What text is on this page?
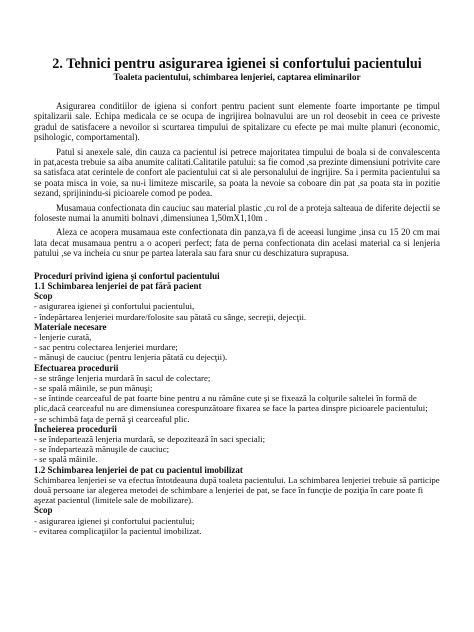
2. Tehnici pentru asigurarea igienei si confortului pacientului
Toaleta pacientului, schimbarea lenjeriei, captarea eliminarilor

Asigurarea conditiilor de igiena si confort pentru pacient sunt elemente foarte importante pe timpul spitalizarii sale. Echipa medicala ce se ocupa de ingrijirea bolnavului are un rol deosebit in ceea ce priveste gradul de satisfacere a nevoilor si scurtarea timpului de spitalizare cu efecte pe mai multe planuri (economic, psihologic, comportamental).

Patul si anexele sale, din cauza ca pacientul isi petrece majoritatea timpului de boala si de convalescenta in pat,acesta trebuie sa aiba anumite calitati.Calitatile patului: sa fie comod ,sa prezinte dimensiuni potrivite care sa satisfaca atat cerintele de confort ale pacientului cat si ale personalului de ingrijire. Sa i permita pacientului sa se poata misca in voie, sa nu-i limiteze miscarile, sa poata la nevoie sa coboare din pat ,sa poata sta in pozitie sezand, sprijinindu-si picioarele comod pe podea.

Musamaua confectionata din cauciuc sau material plastic ,cu rol de a proteja salteaua de diferite dejectii se foloseste numai la anumiti bolnavi ,dimensiunea 1,50mX1,10m .

Aleza ce acopera musamaua este confectionata din panza,va fi de aceeasi lungime ,insa cu 15 20 cm mai lata decat musamaua pentru a o acoperi perfect; fata de perna confectionata din acelasi material ca si lenjeria patului ,se va incheia cu snur pe partea laterala sau fara snur cu deschizatura suprapusa.

Proceduri privind igiena şi confortul pacientului
1.1 Schimbarea lenjeriei de pat fără pacient
Scop
- asigurarea igienei şi confortului pacientului,
- îndepărtarea lenjeriei murdare/folosite sau pătată cu sânge, secreţii, dejecţii.
Materiale necesare
- lenjerie curată,
- sac pentru colectarea lenjeriei murdare;
- mănuşi de cauciuc (pentru lenjeria pătată cu dejecţii).
Efectuarea procedurii
- se strânge lenjeria murdară în sacul de colectare;
- se spală mâinile, se pun mănuşi;
- se întinde cearceaful de pat foarte bine pentru a nu rămâne cute şi se fixează la colţurile saltelei în formă de plic,dacă cearceaful nu are dimensiunea corespunzătoare fixarea se face la partea dinspre picioarele pacientului;
- se schimbă faţa de pernă şi cearceaful plic.
Încheierea procedurii
- se îndepartează lenjeria murdară, se depozitează în saci speciali;
- se îndepartează mănuşile de cauciuc;
- se spală mâinile.
1.2 Schimbarea lenjeriei de pat cu pacientul imobilizat
Schimbarea lenjeriei se va efectua întotdeauna după toaleta pacientului. La schimbarea lenjeriei trebuie să participe două persoane iar alegerea metodei de schimbare a lenjeriei de pat, se face în funcţie de poziţia în care poate fi aşezat pacientul (limitele sale de mobilizare).
Scop
- asigurarea igienei şi confortului pacientului;
- evitarea complicaţiilor la pacientul imobilizat.
